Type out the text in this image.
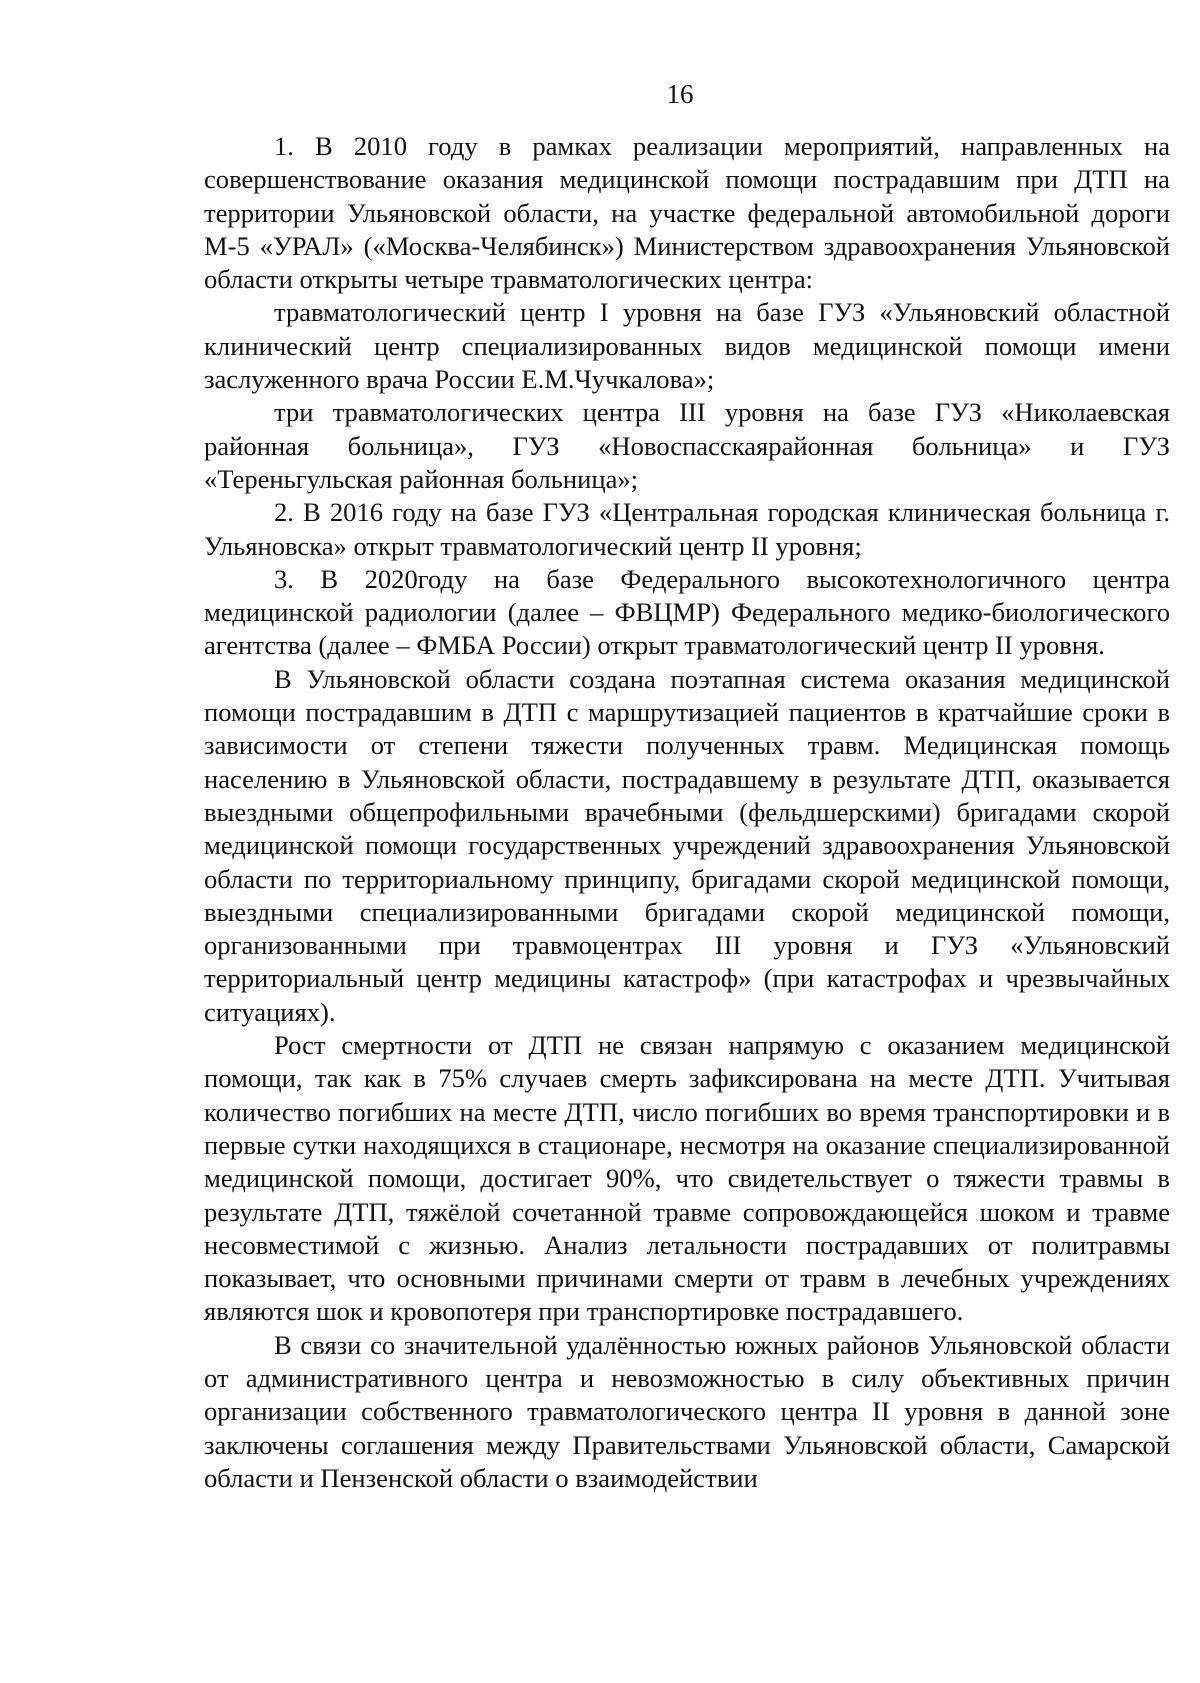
16

1. В 2010 году в рамках реализации мероприятий, направленных на совершенствование оказания медицинской помощи пострадавшим при ДТП на территории Ульяновской области, на участке федеральной автомобильной дороги М-5 «УРАЛ» («Москва-Челябинск») Министерством здравоохранения Ульяновской области открыты четыре травматологических центра:

травматологический центр I уровня на базе ГУЗ «Ульяновский областной клинический центр специализированных видов медицинской помощи имени заслуженного врача России Е.М.Чучкалова»;

три травматологических центра III уровня на базе ГУЗ «Николаевская районная больница», ГУЗ «Новоспасскаярайонная больница» и ГУЗ «Тереньгульская районная больница»;

2. В 2016 году на базе ГУЗ «Центральная городская клиническая больница г. Ульяновска» открыт травматологический центр II уровня;

3. В 2020году на базе Федерального высокотехнологичного центра медицинской радиологии (далее – ФВЦМР) Федерального медико-биологического агентства (далее – ФМБА России) открыт травматологический центр II уровня.

В Ульяновской области создана поэтапная система оказания медицинской помощи пострадавшим в ДТП с маршрутизацией пациентов в кратчайшие сроки в зависимости от степени тяжести полученных травм. Медицинская помощь населению в Ульяновской области, пострадавшему в результате ДТП, оказывается выездными общепрофильными врачебными (фельдшерскими) бригадами скорой медицинской помощи государственных учреждений здравоохранения Ульяновской области по территориальному принципу, бригадами скорой медицинской помощи, выездными специализированными бригадами скорой медицинской помощи, организованными при травмоцентрах III уровня и ГУЗ «Ульяновский территориальный центр медицины катастроф» (при катастрофах и чрезвычайных ситуациях).

Рост смертности от ДТП не связан напрямую с оказанием медицинской помощи, так как в 75% случаев смерть зафиксирована на месте ДТП. Учитывая количество погибших на месте ДТП, число погибших во время транспортировки и в первые сутки находящихся в стационаре, несмотря на оказание специализированной медицинской помощи, достигает 90%, что свидетельствует о тяжести травмы в результате ДТП, тяжёлой сочетанной травме сопровождающейся шоком и травме несовместимой с жизнью. Анализ летальности пострадавших от политравмы показывает, что основными причинами смерти от травм в лечебных учреждениях являются шок и кровопотеря при транспортировке пострадавшего.

В связи со значительной удалённостью южных районов Ульяновской области от административного центра и невозможностью в силу объективных причин организации собственного травматологического центра II уровня в данной зоне заключены соглашения между Правительствами Ульяновской области, Самарской области и Пензенской области о взаимодействии
